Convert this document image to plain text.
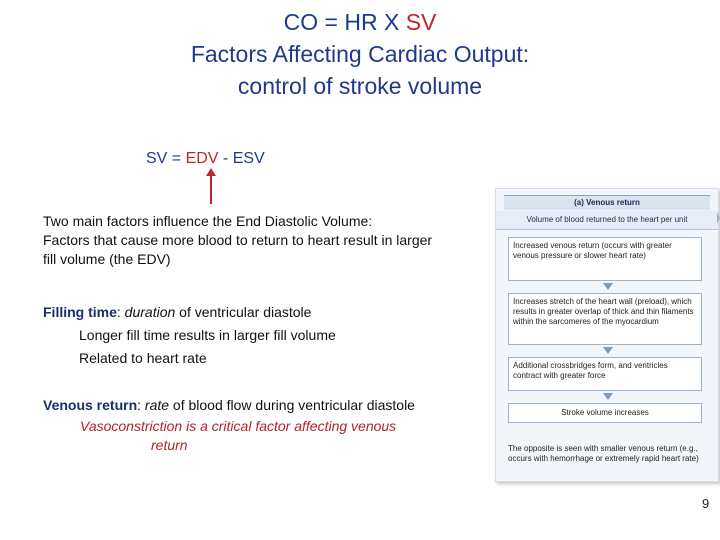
CO = HR X SV
Factors Affecting Cardiac Output:
control of stroke volume
SV = EDV - ESV
Two main factors influence the End Diastolic Volume:
Factors that cause more blood to return to heart result in larger
fill volume (the EDV)
Filling time: duration of ventricular diastole
Longer fill time results in larger fill volume
Related to heart rate
Venous return: rate of blood flow during ventricular diastole
Vasoconstriction is a critical factor affecting venous
return
(a) Venous return
Volume of blood returned to the heart per unit
Increased venous return (occurs with greater venous pressure or slower heart rate)
Increases stretch of the heart wall (preload), which results in greater overlap of thick and thin filaments within the sarcomeres of the myocardium
Additional crossbridges form, and ventricles contract with greater force
Stroke volume increases
The opposite is seen with smaller venous return (e.g., occurs with hemorrhage or extremely rapid heart rate)
9
